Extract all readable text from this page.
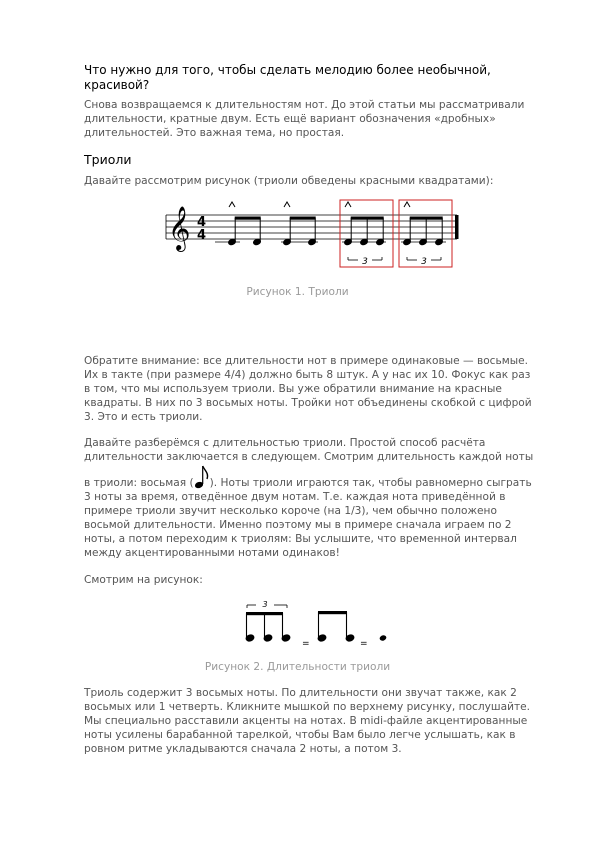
Что нужно для того, чтобы сделать мелодию более необычной, красивой?
Снова возвращаемся к длительностям нот. До этой статьи мы рассматривали длительности, кратные двум. Есть ещё вариант обозначения «дробных» длительностей. Это важная тема, но простая.
Триоли
Давайте рассмотрим рисунок (триоли обведены красными квадратами):
𝄞 4
4
3	3
Рисунок 1. Триоли
Обратите внимание: все длительности нот в примере одинаковые — восьмые. Их в такте (при размере 4/4) должно быть 8 штук. А у нас их 10. Фокус как раз в том, что мы используем триоли. Вы уже обратили внимание на красные квадраты. В них по 3 восьмых ноты. Тройки нот объединены скобкой с цифрой 3. Это и есть триоли.
Давайте разберёмся с длительностью триоли. Простой способ расчёта длительности заключается в следующем. Смотрим длительность каждой ноты в триоли: восьмая ( ). Ноты триоли играются так, чтобы равномерно сыграть 3 ноты за время, отведённое двум нотам. Т.е. каждая нота приведённой в примере триоли звучит несколько короче (на 1/3), чем обычно положено восьмой длительности. Именно поэтому мы в примере сначала играем по 2 ноты, а потом переходим к триолям: Вы услышите, что временной интервал между акцентированными нотами одинаков!
Смотрим на рисунок:
3
=	=
Рисунок 2. Длительности триоли
Триоль содержит 3 восьмых ноты. По длительности они звучат также, как 2 восьмых или 1 четверть. Кликните мышкой по верхнему рисунку, послушайте. Мы специально расставили акценты на нотах. В midi-файле акцентированные ноты усилены барабанной тарелкой, чтобы Вам было легче услышать, как в ровном ритме укладываются сначала 2 ноты, а потом 3.
